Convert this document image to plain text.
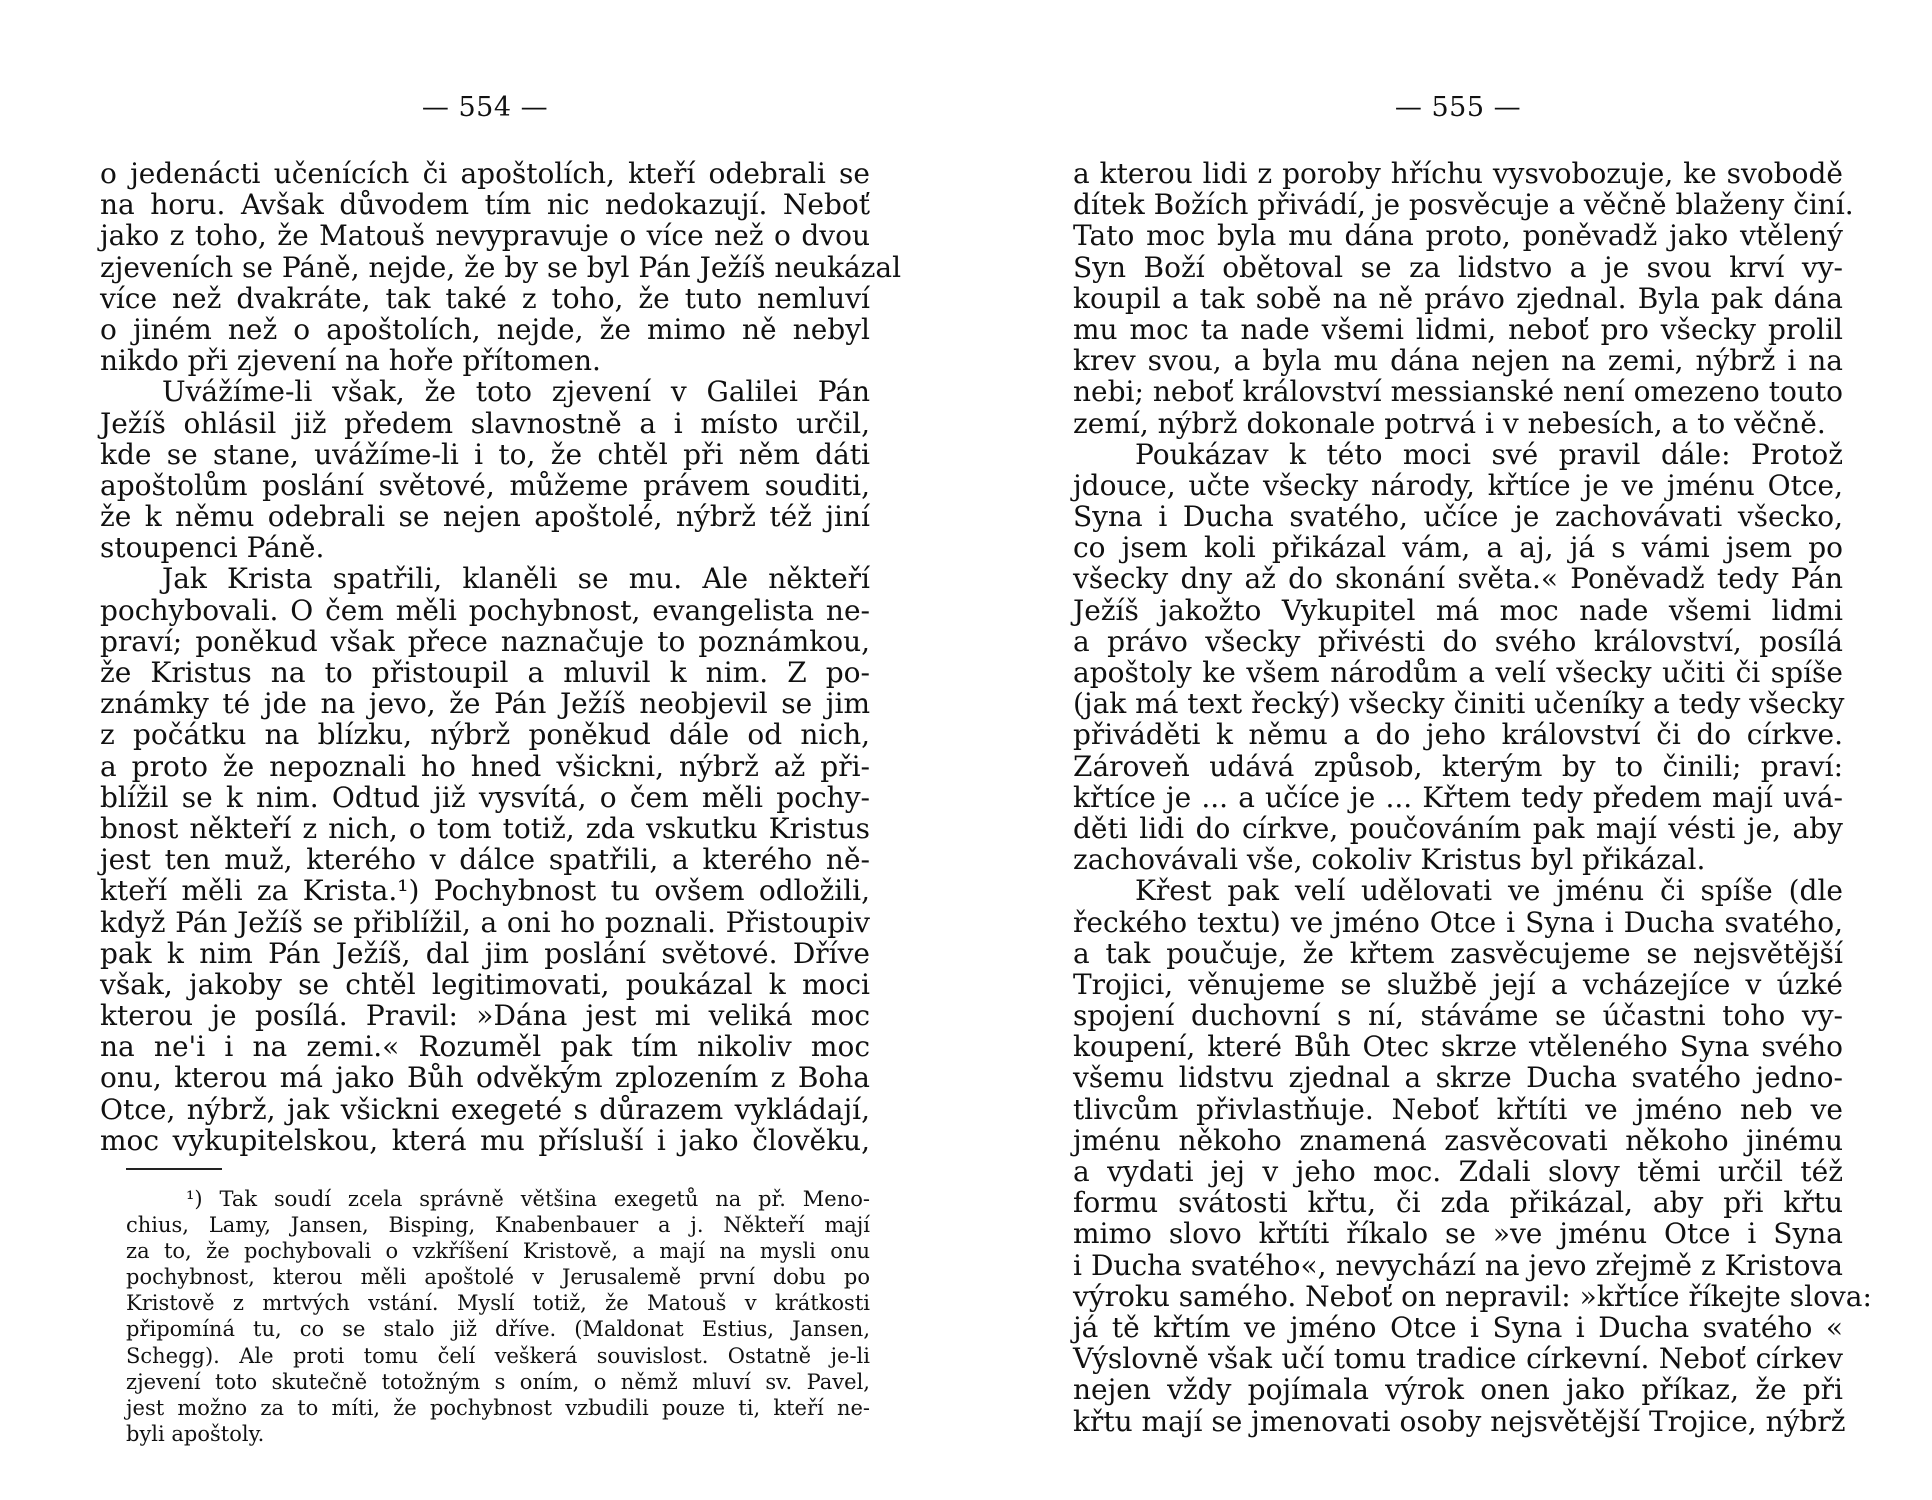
— 554 —
o jedenácti učenících či apoštolích, kteří odebrali se
na horu. Avšak důvodem tím nic nedokazují. Neboť
jako z toho, že Matouš nevypravuje o více než o dvou
zjeveních se Páně, nejde, že by se byl Pán Ježíš neukázal
více než dvakráte, tak také z toho, že tuto nemluví
o jiném než o apoštolích, nejde, že mimo ně nebyl
nikdo při zjevení na hoře přítomen.
Uvážíme-li však, že toto zjevení v Galilei Pán
Ježíš ohlásil již předem slavnostně a i místo určil,
kde se stane, uvážíme-li i to, že chtěl při něm dáti
apoštolům poslání světové, můžeme právem souditi,
že k němu odebrali se nejen apoštolé, nýbrž též jiní
stoupenci Páně.
Jak Krista spatřili, klaněli se mu. Ale někteří
pochybovali. O čem měli pochybnost, evangelista ne-
praví; poněkud však přece naznačuje to poznámkou,
že Kristus na to přistoupil a mluvil k nim. Z po-
známky té jde na jevo, že Pán Ježíš neobjevil se jim
z počátku na blízku, nýbrž poněkud dále od nich,
a proto že nepoznali ho hned všickni, nýbrž až při-
blížil se k nim. Odtud již vysvítá, o čem měli pochy-
bnost někteří z nich, o tom totiž, zda vskutku Kristus
jest ten muž, kterého v dálce spatřili, a kterého ně-
kteří měli za Krista.¹) Pochybnost tu ovšem odložili,
když Pán Ježíš se přiblížil, a oni ho poznali. Přistoupiv
pak k nim Pán Ježíš, dal jim poslání světové. Dříve
však, jakoby se chtěl legitimovati, poukázal k moci
kterou je posílá. Pravil: »Dána jest mi veliká moc
na ne'i i na zemi.« Rozuměl pak tím nikoliv moc
onu, kterou má jako Bůh odvěkým zplozením z Boha
Otce, nýbrž, jak všickni exegeté s důrazem vykládají,
moc vykupitelskou, která mu přísluší i jako člověku,
¹) Tak soudí zcela správně většina exegetů na př. Meno-
chius, Lamy, Jansen, Bisping, Knabenbauer a j. Někteří mají
za to, že pochybovali o vzkříšení Kristově, a mají na mysli onu
pochybnost, kterou měli apoštolé v Jerusalemě první dobu po
Kristově z mrtvých vstání. Myslí totiž, že Matouš v krátkosti
připomíná tu, co se stalo již dříve. (Maldonat Estius, Jansen,
Schegg). Ale proti tomu čelí veškerá souvislost. Ostatně je-li
zjevení toto skutečně totožným s oním, o němž mluví sv. Pavel,
jest možno za to míti, že pochybnost vzbudili pouze ti, kteří ne-
byli apoštoly.
— 555 —
a kterou lidi z poroby hříchu vysvobozuje, ke svobodě
dítek Božích přivádí, je posvěcuje a věčně blaženy činí.
Tato moc byla mu dána proto, poněvadž jako vtělený
Syn Boží obětoval se za lidstvo a je svou krví vy-
koupil a tak sobě na ně právo zjednal. Byla pak dána
mu moc ta nade všemi lidmi, neboť pro všecky prolil
krev svou, a byla mu dána nejen na zemi, nýbrž i na
nebi; neboť království messianské není omezeno touto
zemí, nýbrž dokonale potrvá i v nebesích, a to věčně.
Poukázav k této moci své pravil dále: Protož
jdouce, učte všecky národy, křtíce je ve jménu Otce,
Syna i Ducha svatého, učíce je zachovávati všecko,
co jsem koli přikázal vám, a aj, já s vámi jsem po
všecky dny až do skonání světa.« Poněvadž tedy Pán
Ježíš jakožto Vykupitel má moc nade všemi lidmi
a právo všecky přivésti do svého království, posílá
apoštoly ke všem národům a velí všecky učiti či spíše
(jak má text řecký) všecky činiti učeníky a tedy všecky
přiváděti k němu a do jeho království či do církve.
Zároveň udává způsob, kterým by to činili; praví:
křtíce je ... a učíce je ... Křtem tedy předem mají uvá-
děti lidi do církve, poučováním pak mají vésti je, aby
zachovávali vše, cokoliv Kristus byl přikázal.
Křest pak velí udělovati ve jménu či spíše (dle
řeckého textu) ve jméno Otce i Syna i Ducha svatého,
a tak poučuje, že křtem zasvěcujeme se nejsvětější
Trojici, věnujeme se službě její a vcházejíce v úzké
spojení duchovní s ní, stáváme se účastni toho vy-
koupení, které Bůh Otec skrze vtěleného Syna svého
všemu lidstvu zjednal a skrze Ducha svatého jedno-
tlivcům přivlastňuje. Neboť křtíti ve jméno neb ve
jménu někoho znamená zasvěcovati někoho jinému
a vydati jej v jeho moc. Zdali slovy těmi určil též
formu svátosti křtu, či zda přikázal, aby při křtu
mimo slovo křtíti říkalo se »ve jménu Otce i Syna
i Ducha svatého«, nevychází na jevo zřejmě z Kristova
výroku samého. Neboť on nepravil: »křtíce říkejte slova:
já tě křtím ve jméno Otce i Syna i Ducha svatého «
Výslovně však učí tomu tradice církevní. Neboť církev
nejen vždy pojímala výrok onen jako příkaz, že při
křtu mají se jmenovati osoby nejsvětější Trojice, nýbrž
